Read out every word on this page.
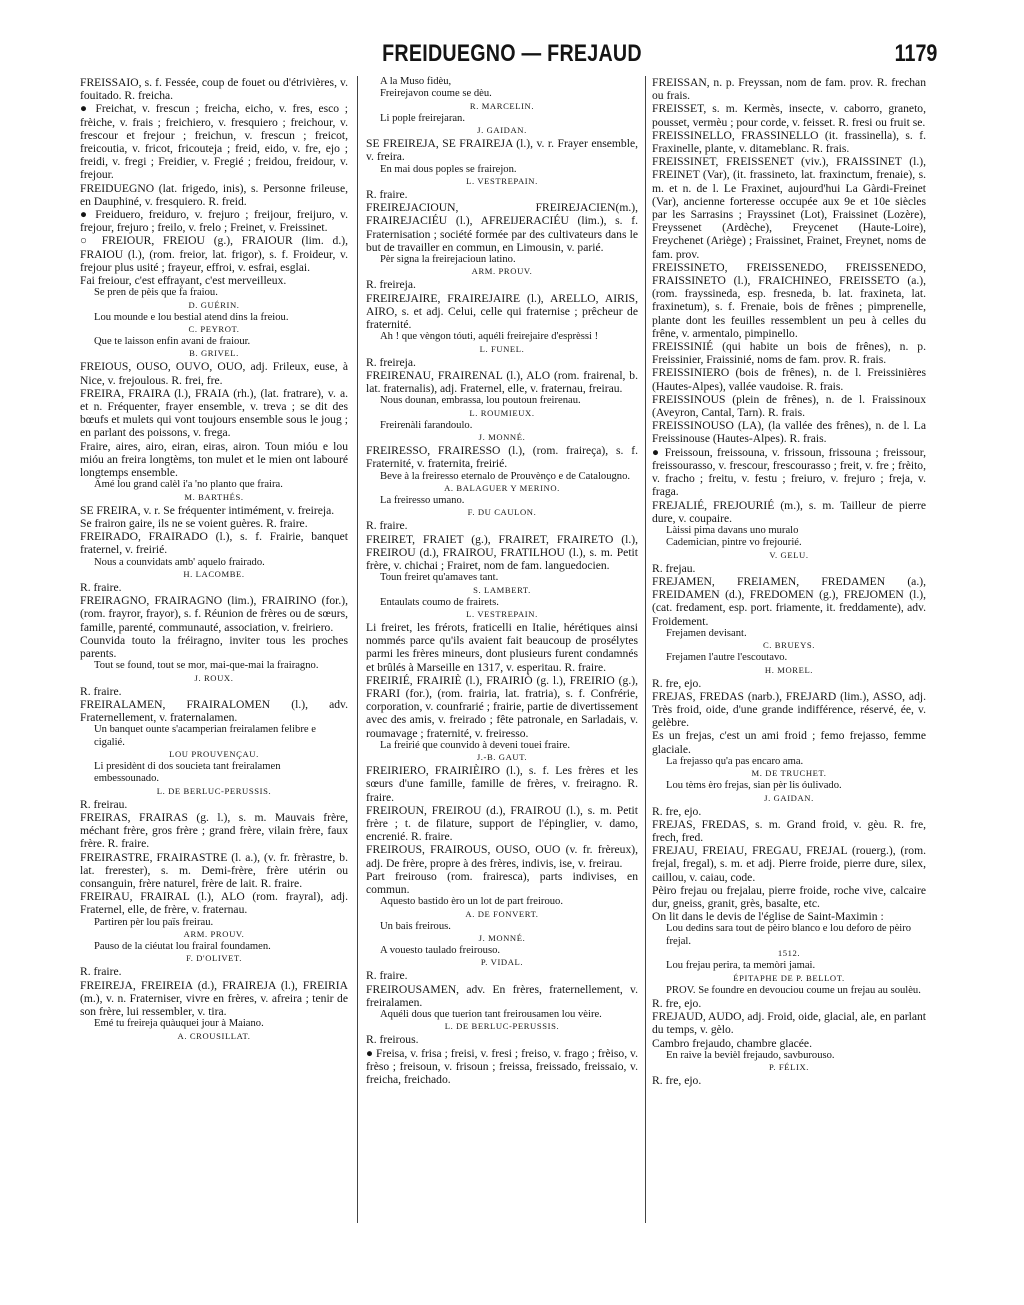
FREIDUEGNO — FREJAUD	1179

FREISSAIO, s. f. Fessée, coup de fouet ou d'étrivières, v. fouitado. R. freicha.

● Freichat, v. frescun ; freicha, eicho, v. fres, esco ; frèiche, v. frais ; freichiero, v. fresquiero ; freichour, v. frescour et frejour ; freichun, v. frescun ; freicot, freicoutia, v. fricot, fricouteja ; freid, eido, v. fre, ejo ; freidi, v. fregi ; Freidier, v. Fregié ; freidou, freidour, v. frejour.

FREIDUEGNO (lat. frigedo, inis), s. Personne frileuse, en Dauphiné, v. fresquiero. R. freid.

● Freiduero, freiduro, v. frejuro ; freijour, freijuro, v. frejour, frejuro ; freilo, v. frelo ; Freinet, v. Freissinet.

○ FREIOUR, FREIOU (g.), FRAIOUR (lim. d.), FRAIOU (l.), (rom. freior, lat. frigor), s. f. Froideur, v. frejour plus usité ; frayeur, effroi, v. esfrai, esglai.

Fai freiour, c'est effrayant, c'est merveilleux.

Se pren de pèis que fa fraiou.

D. GUÉRIN.

Lou mounde e lou bestial atend dins la freiou.

C. PEYROT.

Que te laisson enfin avani de fraiour.

B. GRIVEL.

FREIOUS, OUSO, OUVO, OUO, adj. Frileux, euse, à Nice, v. frejoulous. R. frei, fre.

FREIRA, FRAIRA (l.), FRAIA (rh.), (lat. fratrare), v. a. et n. Fréquenter, frayer ensemble, v. treva ; se dit des bœufs et mulets qui vont toujours ensemble sous le joug ; en parlant des poissons, v. frega.

Fraire, aires, airo, eiran, eiras, airon. Toun mióu e lou mióu an freira longtèms, ton mulet et le mien ont labouré longtemps ensemble.

Amé lou grand calèl i'a 'no planto que fraira.

M. BARTHÉS.

SE FREIRA, v. r. Se fréquenter intimément, v. freireja.

Se frairon gaire, ils ne se voient guères. R. fraire.

FREIRADO, FRAIRADO (l.), s. f. Frairie, banquet fraternel, v. freirié.

Nous a counvidats amb' aquelo frairado.

H. LACOMBE.

R. fraire.

FREIRAGNO, FRAIRAGNO (lim.), FRAIRINO (for.), (rom. frayror, frayor), s. f. Réunion de frères ou de sœurs, famille, parenté, communauté, association, v. freiriero.

Counvida touto la fréiragno, inviter tous les proches parents.

Tout se found, tout se mor, mai-que-mai la frairagno.

J. ROUX.

R. fraire.

FREIRALAMEN, FRAIRALOMEN (l.), adv. Fraternellement, v. fraternalamen.

Un banquet ounte s'acamperian freiralamen felibre e cigalié.

LOU PROUVENÇAU.

Li presidènt di dos soucieta tant freiralamen embessounado.

L. DE BERLUC-PERUSSIS.

R. freirau.

FREIRAS, FRAIRAS (g. l.), s. m. Mauvais frère, méchant frère, gros frère ; grand frère, vilain frère, faux frère. R. fraire.

FREIRASTRE, FRAIRASTRE (l. a.), (v. fr. frèrastre, b. lat. frerester), s. m. Demi-frère, frère utérin ou consanguin, frère naturel, frère de lait. R. fraire.

FREIRAU, FRAIRAL (l.), ALO (rom. frayral), adj. Fraternel, elle, de frère, v. fraternau.

Partiren pèr lou païs freirau.

ARM. PROUV.

Pauso de la ciéutat lou frairal foundamen.

F. D'OLIVET.

R. fraire.

FREIREJA, FREIREIA (d.), FRAIREJA (l.), FREIRIA (m.), v. n. Fraterniser, vivre en frères, v. afreira ; tenir de son frère, lui ressembler, v. tira.

Emé tu freireja quàuquei jour à Maiano.

A. CROUSILLAT.

A la Muso fidèu,

Freirejavon coume se dèu.

R. MARCELIN.

Li pople freirejaran.

J. GAIDAN.

SE FREIREJA, SE FRAIREJA (l.), v. r. Frayer ensemble, v. freira.

En mai dous poples se frairejon.

L. VESTREPAIN.

R. fraire.

FREIREJACIOUN, FREIREJACIEN(m.), FRAIREJACIÉU (l.), AFREIJERACIÉU (lim.), s. f. Fraternisation ; société formée par des cultivateurs dans le but de travailler en commun, en Limousin, v. parié.

Pèr signa la freirejacioun latino.

ARM. PROUV.

R. freireja.

FREIREJAIRE, FRAIREJAIRE (l.), ARELLO, AIRIS, AIRO, s. et adj. Celui, celle qui fraternise ; prêcheur de fraternité.

Ah ! que vèngon tóuti, aquéli freirejaire d'esprèssi !

L. FUNEL.

R. freireja.

FREIRENAU, FRAIRENAL (l.), ALO (rom. frairenal, b. lat. fraternalis), adj. Fraternel, elle, v. fraternau, freirau.

Nous dounan, embrassa, lou poutoun freirenau.

L. ROUMIEUX.

Freirenàli farandoulo.

J. MONNÉ.

FREIRESSO, FRAIRESSO (l.), (rom. fraireça), s. f. Fraternité, v. fraternita, freirié.

Beve à la freiresso eternalo de Prouvènço e de Catalougno.

A. BALAGUER Y MERINO.

La freiresso umano.

F. DU CAULON.

R. fraire.

FREIRET, FRAIET (g.), FRAIRET, FRAIRETO (l.), FREIROU (d.), FRAIROU, FRATILHOU (l.), s. m. Petit frère, v. chichai ; Frairet, nom de fam. languedocien.

Toun freiret qu'amaves tant.

S. LAMBERT.

Entaulats coumo de frairets.

L. VESTREPAIN.

Li freiret, les frérots, fraticelli en Italie, hérétiques ainsi nommés parce qu'ils avaient fait beaucoup de prosélytes parmi les frères mineurs, dont plusieurs furent condamnés et brûlés à Marseille en 1317, v. esperitau. R. fraire.

FREIRIÉ, FRAIRIÈ (l.), FRAIRIÒ (g. l.), FREIRIO (g.), FRARI (for.), (rom. frairia, lat. fratria), s. f. Confrérie, corporation, v. counfrarié ; frairie, partie de divertissement avec des amis, v. freirado ; fête patronale, en Sarladais, v. roumavage ; fraternité, v. freiresso.

La freirié que counvido à deveni touei fraire.

J.-B. GAUT.

FREIRIERO, FRAIRIÈIRO (l.), s. f. Les frères et les sœurs d'une famille, famille de frères, v. freiragno. R. fraire.

FREIROUN, FREIROU (d.), FRAIROU (l.), s. m. Petit frère ; t. de filature, support de l'épinglier, v. damo, encrenié. R. fraire.

FREIROUS, FRAIROUS, OUSO, OUO (v. fr. frèreux), adj. De frère, propre à des frères, indivis, ise, v. freirau.

Part freirouso (rom. frairesca), parts indivises, en commun.

Aquesto bastido èro un lot de part freirouo.

A. DE FONVERT.

Un bais freirous.

J. MONNÉ.

A vouesto taulado freirouso.

P. VIDAL.

R. fraire.

FREIROUSAMEN, adv. En frères, fraternellement, v. freiralamen.

Aquéli dous que tuerion tant freirousamen lou vèire.

L. DE BERLUC-PERUSSIS.

R. freirous.

● Freisa, v. frisa ; freisi, v. fresi ; freiso, v. frago ; frèiso, v. frèso ; freisoun, v. frisoun ; freissa, freissado, freissaio, v. freicha, freichado.

FREISSAN, n. p. Freyssan, nom de fam. prov. R. frechan ou frais.

FREISSET, s. m. Kermès, insecte, v. caborro, graneto, pousset, vermèu ; pour corde, v. feisset. R. fresi ou fruit se.

FREISSINELLO, FRASSINELLO (it. frassinella), s. f. Fraxinelle, plante, v. ditameblanc. R. frais.

FREISSINET, FREISSENET (viv.), FRAISSINET (l.), FREINET (Var), (it. frassineto, lat. fraxinctum, frenaie), s. m. et n. de l. Le Fraxinet, aujourd'hui La Gàrdi-Freinet (Var), ancienne forteresse occupée aux 9e et 10e siècles par les Sarrasins ; Frayssinet (Lot), Fraissinet (Lozère), Freyssenet (Ardèche), Freycenet (Haute-Loire), Freychenet (Ariège) ; Fraissinet, Frainet, Freynet, noms de fam. prov.

FREISSINETO, FREISSENEDO, FREISSENEDO, FRAISSINETO (l.), FRAICHINEO, FREISSETO (a.), (rom. frayssineda, esp. fresneda, b. lat. fraxineta, lat. fraxinetum), s. f. Frenaie, bois de frênes ; pimprenelle, plante dont les feuilles ressemblent un peu à celles du frêne, v. armentalo, pimpinello.

FREISSINIÉ (qui habite un bois de frênes), n. p. Freissinier, Fraissinié, noms de fam. prov. R. frais.

FREISSINIERO (bois de frênes), n. de l. Freissinières (Hautes-Alpes), vallée vaudoise. R. frais.

FREISSINOUS (plein de frênes), n. de l. Fraissinoux (Aveyron, Cantal, Tarn). R. frais.

FREISSINOUSO (LA), (la vallée des frênes), n. de l. La Freissinouse (Hautes-Alpes). R. frais.

● Freissoun, freissouna, v. frissoun, frissouna ; freissour, freissourasso, v. frescour, frescourasso ; freit, v. fre ; frèito, v. fracho ; freitu, v. festu ; freiuro, v. frejuro ; freja, v. fraga.

FREJALIÉ, FREJOURIÉ (m.), s. m. Tailleur de pierre dure, v. coupaire.

Làissi pima davans uno muralo

Cademician, pintre vo frejourié.

V. GELU.

R. frejau.

FREJAMEN, FREIAMEN, FREDAMEN (a.), FREIDAMEN (d.), FREDOMEN (g.), FREJOMEN (l.), (cat. fredament, esp. port. friamente, it. freddamente), adv. Froidement.

Frejamen devisant.

C. BRUEYS.

Frejamen l'autre l'escoutavo.

H. MOREL.

R. fre, ejo.

FREJAS, FREDAS (narb.), FREJARD (lim.), ASSO, adj. Très froid, oide, d'une grande indifférence, réservé, ée, v. gelèbre.

Es un frejas, c'est un ami froid ; femo frejasso, femme glaciale.

La frejasso qu'a pas encaro ama.

M. DE TRUCHET.

Lou tèms èro frejas, sian pèr lis óulivado.

J. GAIDAN.

R. fre, ejo.

FREJAS, FREDAS, s. m. Grand froid, v. gèu. R. fre, frech, fred.

FREJAU, FREIAU, FREGAU, FREJAL (rouerg.), (rom. frejal, fregal), s. m. et adj. Pierre froide, pierre dure, silex, caillou, v. caiau, code.

Pèiro frejau ou frejalau, pierre froide, roche vive, calcaire dur, gneiss, granit, grès, basalte, etc.

On lit dans le devis de l'église de Saint-Maximin :

Lou dedins sara tout de pèiro blanco e lou deforo de pèiro frejal.

1512.

Lou frejau perira, ta memòri jamai.

ÉPITAPHE DE P. BELLOT.

PROV. Se foundre en devouciou coume un frejau au soulèu.

R. fre, ejo.

FREJAUD, AUDO, adj. Froid, oide, glacial, ale, en parlant du temps, v. gèlo.

Cambro frejaudo, chambre glacée.

En raive la bevièl frejaudo, savburouso.

P. FÉLIX.

R. fre, ejo.
